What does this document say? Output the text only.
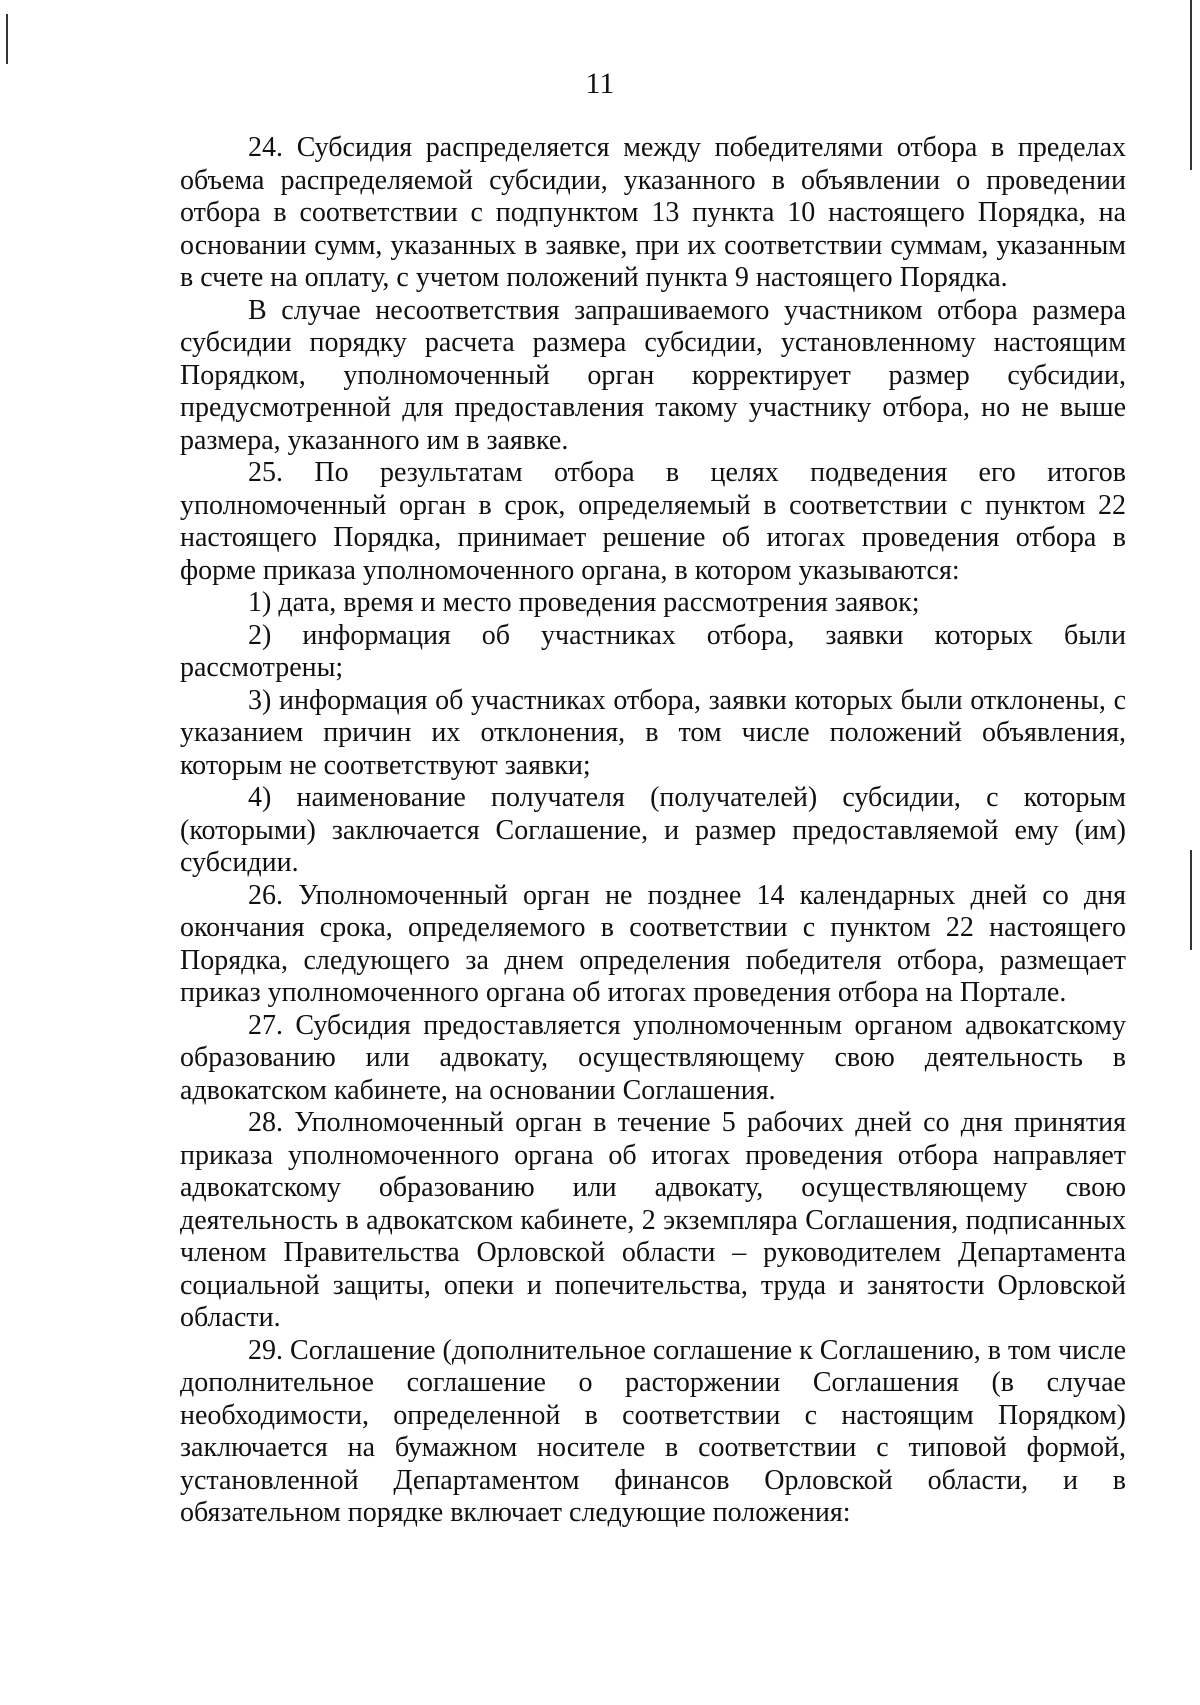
11

24. Субсидия распределяется между победителями отбора в пределах объема распределяемой субсидии, указанного в объявлении о проведении отбора в соответствии с подпунктом 13 пункта 10 настоящего Порядка, на основании сумм, указанных в заявке, при их соответствии суммам, указанным в счете на оплату, с учетом положений пункта 9 настоящего Порядка.

В случае несоответствия запрашиваемого участником отбора размера субсидии порядку расчета размера субсидии, установленному настоящим Порядком, уполномоченный орган корректирует размер субсидии, предусмотренной для предоставления такому участнику отбора, но не выше размера, указанного им в заявке.

25. По результатам отбора в целях подведения его итогов уполномоченный орган в срок, определяемый в соответствии с пунктом 22 настоящего Порядка, принимает решение об итогах проведения отбора в форме приказа уполномоченного органа, в котором указываются:

1) дата, время и место проведения рассмотрения заявок;

2) информация об участниках отбора, заявки которых были рассмотрены;

3) информация об участниках отбора, заявки которых были отклонены, с указанием причин их отклонения, в том числе положений объявления, которым не соответствуют заявки;

4) наименование получателя (получателей) субсидии, с которым (которыми) заключается Соглашение, и размер предоставляемой ему (им) субсидии.

26. Уполномоченный орган не позднее 14 календарных дней со дня окончания срока, определяемого в соответствии с пунктом 22 настоящего Порядка, следующего за днем определения победителя отбора, размещает приказ уполномоченного органа об итогах проведения отбора на Портале.

27. Субсидия предоставляется уполномоченным органом адвокатскому образованию или адвокату, осуществляющему свою деятельность в адвокатском кабинете, на основании Соглашения.

28. Уполномоченный орган в течение 5 рабочих дней со дня принятия приказа уполномоченного органа об итогах проведения отбора направляет адвокатскому образованию или адвокату, осуществляющему свою деятельность в адвокатском кабинете, 2 экземпляра Соглашения, подписанных членом Правительства Орловской области – руководителем Департамента социальной защиты, опеки и попечительства, труда и занятости Орловской области.

29. Соглашение (дополнительное соглашение к Соглашению, в том числе дополнительное соглашение о расторжении Соглашения (в случае необходимости, определенной в соответствии с настоящим Порядком) заключается на бумажном носителе в соответствии с типовой формой, установленной Департаментом финансов Орловской области, и в обязательном порядке включает следующие положения:
